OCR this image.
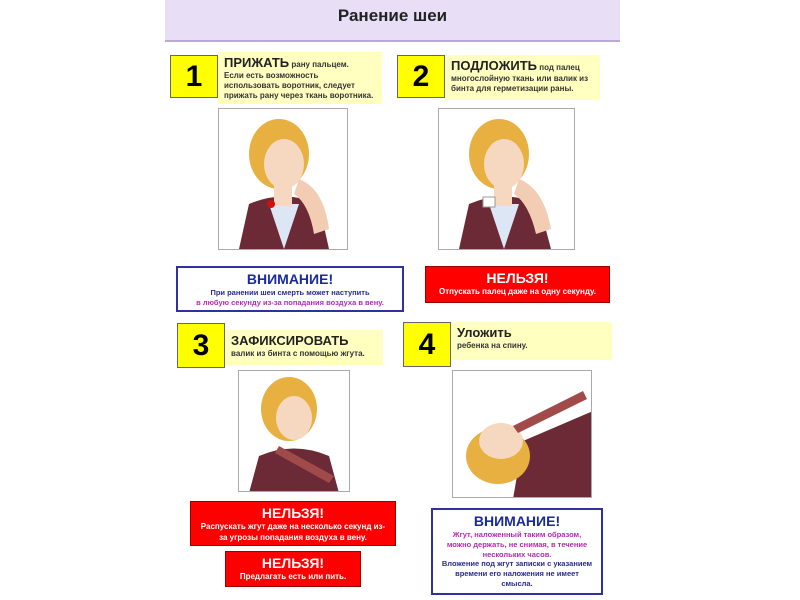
Ранение шеи
1	ПРИЖАТЬ рану пальцем.
Если есть возможность использовать воротник, следует прижать рану через ткань воротника.
2	ПОДЛОЖИТЬ под палец
многослойную ткань или валик из бинта для герметизации раны.
ВНИМАНИЕ!
При ранении шеи смерть может наступить
в любую секунду из-за попадания воздуха в вену.
НЕЛЬЗЯ!
Отпускать палец даже на одну секунду.
3	ЗАФИКСИРОВАТЬ
валик из бинта с помощью жгута.	4	Уложить
ребенка на спину.
НЕЛЬЗЯ!
Распускать жгут даже на несколько секунд из-за угрозы попадания воздуха в вену.
НЕЛЬЗЯ!
Предлагать есть или пить.
ВНИМАНИЕ!
Жгут, наложенный таким образом, можно держать, не снимая, в течение нескольких часов.
Вложение под жгут записки с указанием времени его наложения не имеет смысла.
